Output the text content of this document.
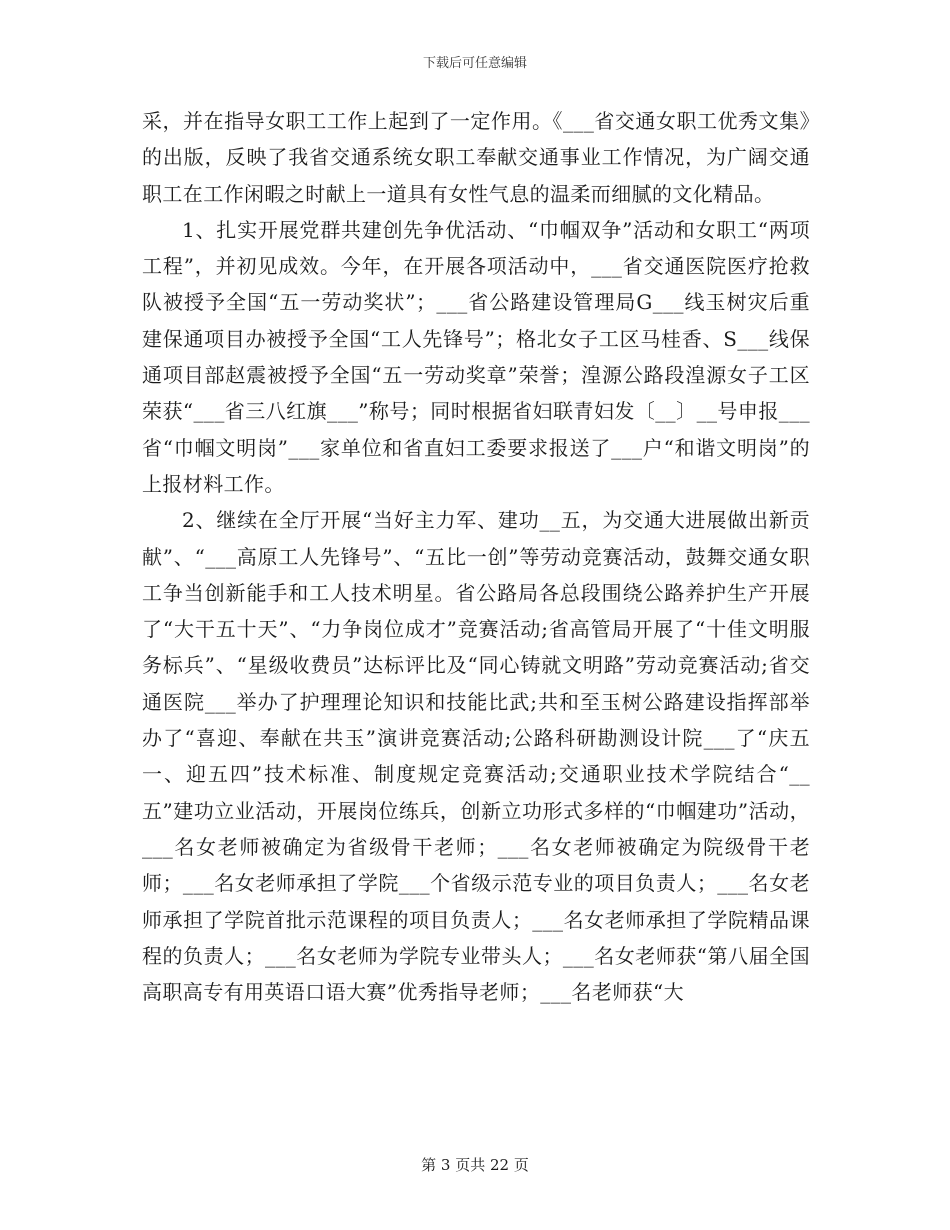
下载后可任意编辑

采，并在指导女职工工作上起到了一定作用。《___省交通女职工优秀文集》的出版，反映了我省交通系统女职工奉献交通事业工作情况，为广阔交通职工在工作闲暇之时献上一道具有女性气息的温柔而细腻的文化精品。

1、扎实开展党群共建创先争优活动、“巾帼双争”活动和女职工“两项工程”，并初见成效。今年，在开展各项活动中，___省交通医院医疗抢救队被授予全国“五一劳动奖状”；___省公路建设管理局G___线玉树灾后重建保通项目办被授予全国“工人先锋号”；格北女子工区马桂香、S___线保通项目部赵震被授予全国“五一劳动奖章”荣誉；湟源公路段湟源女子工区荣获“___省三八红旗___”称号；同时根据省妇联青妇发〔__〕__号申报___省“巾帼文明岗”___家单位和省直妇工委要求报送了___户“和谐文明岗”的上报材料工作。

2、继续在全厅开展“当好主力军、建功__五，为交通大进展做出新贡献”、“___高原工人先锋号”、“五比一创”等劳动竞赛活动，鼓舞交通女职工争当创新能手和工人技术明星。省公路局各总段围绕公路养护生产开展了“大干五十天”、“力争岗位成才”竞赛活动;省高管局开展了“十佳文明服务标兵”、“星级收费员”达标评比及“同心铸就文明路”劳动竞赛活动;省交通医院___举办了护理理论知识和技能比武;共和至玉树公路建设指挥部举办了“喜迎、奉献在共玉”演讲竞赛活动;公路科研勘测设计院___了“庆五一、迎五四”技术标准、制度规定竞赛活动;交通职业技术学院结合“__五”建功立业活动，开展岗位练兵，创新立功形式多样的“巾帼建功”活动，___名女老师被确定为省级骨干老师；___名女老师被确定为院级骨干老师；___名女老师承担了学院___个省级示范专业的项目负责人；___名女老师承担了学院首批示范课程的项目负责人；___名女老师承担了学院精品课程的负责人；___名女老师为学院专业带头人；___名女老师获“第八届全国高职高专有用英语口语大赛”优秀指导老师；___名老师获“大

第 3 页共 22 页
